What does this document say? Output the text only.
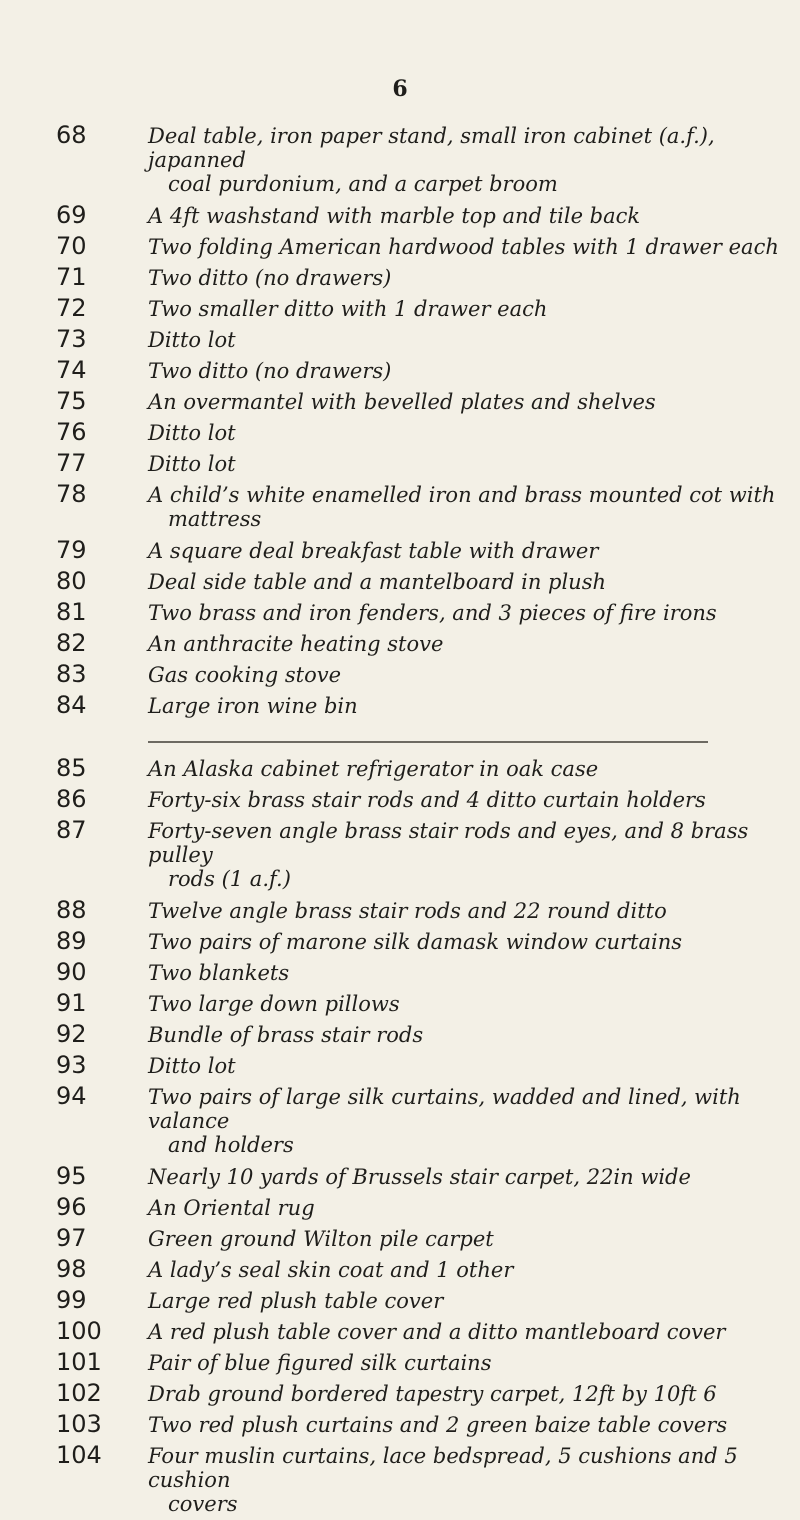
6
68	Deal table, iron paper stand, small iron cabinet (a.f.), japanned
coal purdonium, and a carpet broom
69	A 4ft washstand with marble top and tile back
70	Two folding American hardwood tables with 1 drawer each
71	Two ditto (no drawers)
72	Two smaller ditto with 1 drawer each
73	Ditto lot
74	Two ditto (no drawers)
75	An overmantel with bevelled plates and shelves
76	Ditto lot
77	Ditto lot
78	A child’s white enamelled iron and brass mounted cot with
mattress
79	A square deal breakfast table with drawer
80	Deal side table and a mantelboard in plush
81	Two brass and iron fenders, and 3 pieces of fire irons
82	An anthracite heating stove
83	Gas cooking stove
84	Large iron wine bin
85	An Alaska cabinet refrigerator in oak case
86	Forty-six brass stair rods and 4 ditto curtain holders
87	Forty-seven angle brass stair rods and eyes, and 8 brass pulley
rods (1 a.f.)
88	Twelve angle brass stair rods and 22 round ditto
89	Two pairs of marone silk damask window curtains
90	Two blankets
91	Two large down pillows
92	Bundle of brass stair rods
93	Ditto lot
94	Two pairs of large silk curtains, wadded and lined, with valance
and holders
95	Nearly 10 yards of Brussels stair carpet, 22in wide
96	An Oriental rug
97	Green ground Wilton pile carpet
98	A lady’s seal skin coat and 1 other
99	Large red plush table cover
100	A red plush table cover and a ditto mantleboard cover
101	Pair of blue figured silk curtains
102	Drab ground bordered tapestry carpet, 12ft by 10ft 6
103	Two red plush curtains and 2 green baize table covers
104	Four muslin curtains, lace bedspread, 5 cushions and 5 cushion
covers
